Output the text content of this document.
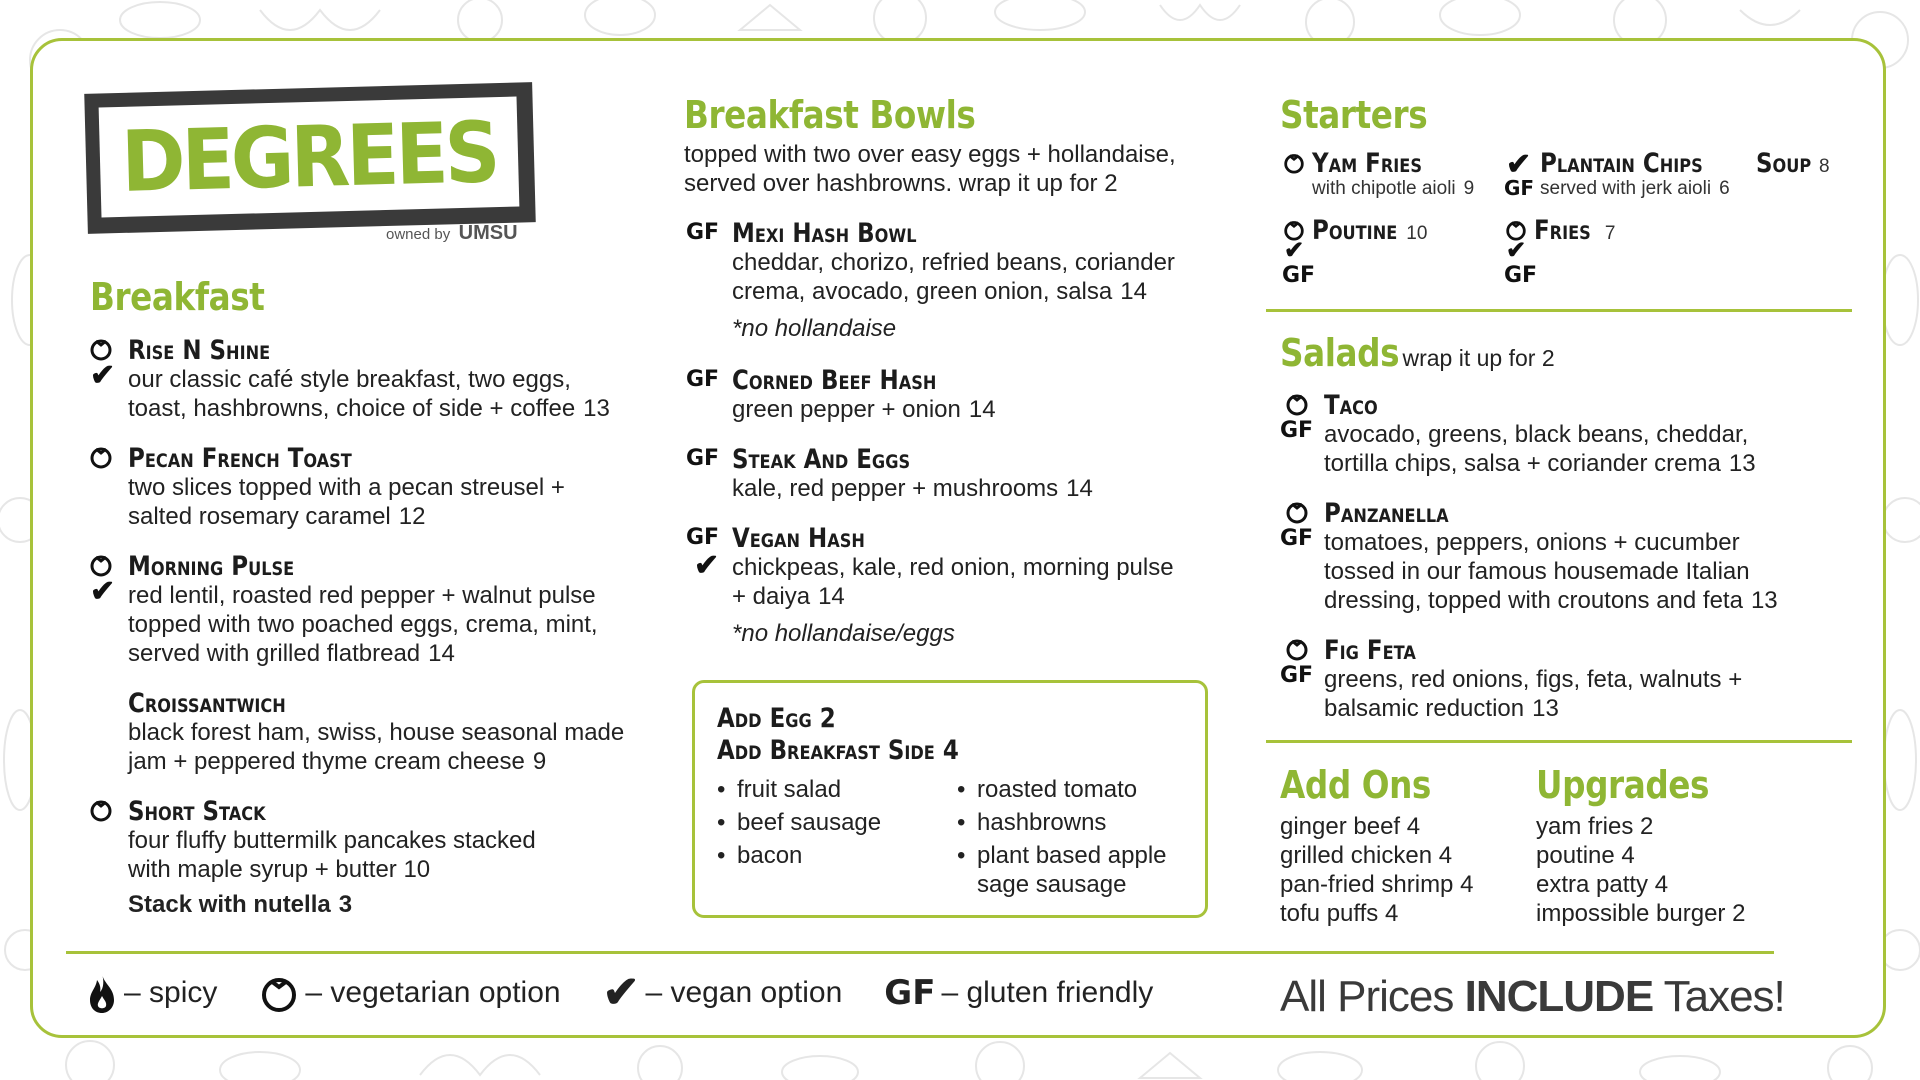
DEGREES
owned by UMSU
Breakfast
✔
Rise N Shine
our classic café style breakfast, two eggs,
toast, hashbrowns, choice of side + coffee 13
Pecan French Toast
two slices topped with a pecan streusel +
salted rosemary caramel 12
✔
Morning Pulse
red lentil, roasted red pepper + walnut pulse
topped with two poached eggs, crema, mint,
served with grilled flatbread 14
Croissantwich
black forest ham, swiss, house seasonal made
jam + peppered thyme cream cheese 9
Short Stack
four fluffy buttermilk pancakes stacked
with maple syrup + butter 10
Stack with nutella 3
Breakfast Bowls
topped with two over easy eggs + hollandaise,
served over hashbrowns. wrap it up for 2
GF Mexi Hash Bowl
cheddar, chorizo, refried beans, coriander
crema, avocado, green onion, salsa 14
*no hollandaise
GF Corned Beef Hash
green pepper + onion 14
GF Steak And Eggs
kale, red pepper + mushrooms 14
GF
✔
Vegan Hash
chickpeas, kale, red onion, morning pulse
+ daiya 14
*no hollandaise/eggs
Add Egg 2
Add Breakfast Side 4
• fruit salad
• beef sausage
• bacon
• roasted tomato
• hashbrowns
• plant based apple sage sausage
Starters
Yam Fries
with chipotle aioli 9
✔ Plantain Chips
GF served with jerk aioli 6
Soup 8
Poutine 10
✔
GF
Fries 7
✔
GF
Salads wrap it up for 2
GF
Taco
avocado, greens, black beans, cheddar,
tortilla chips, salsa + coriander crema 13
GF
Panzanella
tomatoes, peppers, onions + cucumber
tossed in our famous housemade Italian
dressing, topped with croutons and feta 13
GF
Fig Feta
greens, red onions, figs, feta, walnuts +
balsamic reduction 13
Add Ons
ginger beef 4
grilled chicken 4
pan-fried shrimp 4
tofu puffs 4
Upgrades
yam fries 2
poutine 4
extra patty 4
impossible burger 2
– spicy	– vegetarian option ✔ – vegan option GF – gluten friendly	All Prices INCLUDE Taxes!
